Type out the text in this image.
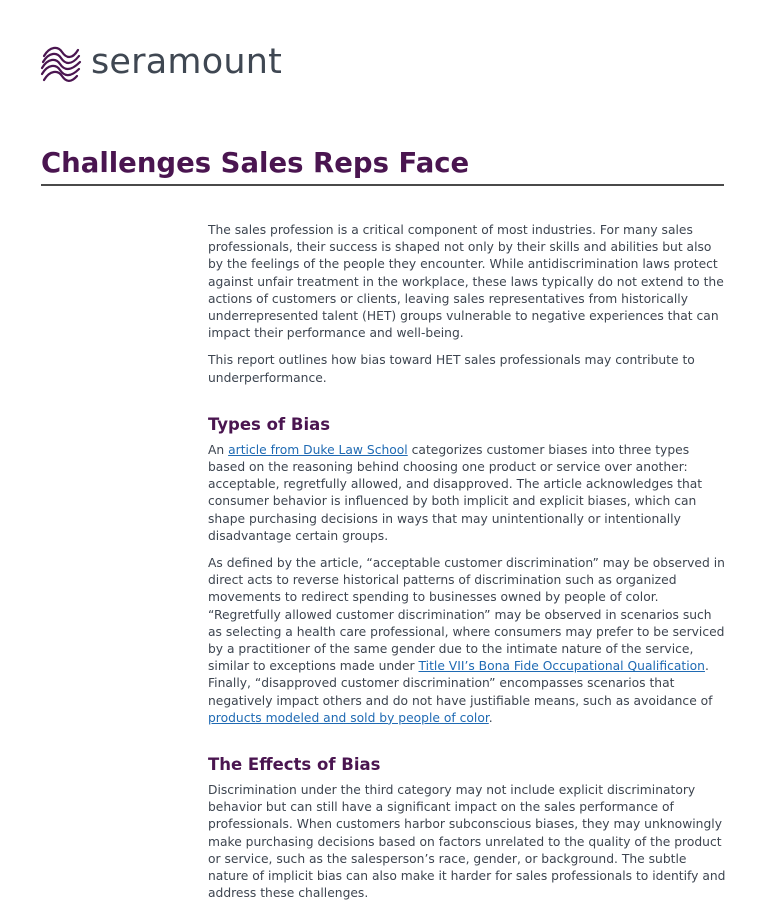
seramount
Challenges Sales Reps Face

The sales profession is a critical component of most industries. For many sales professionals, their success is shaped not only by their skills and abilities but also by the feelings of the people they encounter. While antidiscrimination laws protect against unfair treatment in the workplace, these laws typically do not extend to the actions of customers or clients, leaving sales representatives from historically underrepresented talent (HET) groups vulnerable to negative experiences that can impact their performance and well-being.

This report outlines how bias toward HET sales professionals may contribute to underperformance.

Types of Bias

An article from Duke Law School categorizes customer biases into three types based on the reasoning behind choosing one product or service over another: acceptable, regretfully allowed, and disapproved. The article acknowledges that consumer behavior is influenced by both implicit and explicit biases, which can shape purchasing decisions in ways that may unintentionally or intentionally disadvantage certain groups.

As defined by the article, “acceptable customer discrimination” may be observed in direct acts to reverse historical patterns of discrimination such as organized movements to redirect spending to businesses owned by people of color. “Regretfully allowed customer discrimination” may be observed in scenarios such as selecting a health care professional, where consumers may prefer to be serviced by a practitioner of the same gender due to the intimate nature of the service, similar to exceptions made under Title VII’s Bona Fide Occupational Qualification. Finally, “disapproved customer discrimination” encompasses scenarios that negatively impact others and do not have justifiable means, such as avoidance of products modeled and sold by people of color.

The Effects of Bias

Discrimination under the third category may not include explicit discriminatory behavior but can still have a significant impact on the sales performance of professionals. When customers harbor subconscious biases, they may unknowingly make purchasing decisions based on factors unrelated to the quality of the product or service, such as the salesperson’s race, gender, or background. The subtle nature of implicit bias can also make it harder for sales professionals to identify and address these challenges.
